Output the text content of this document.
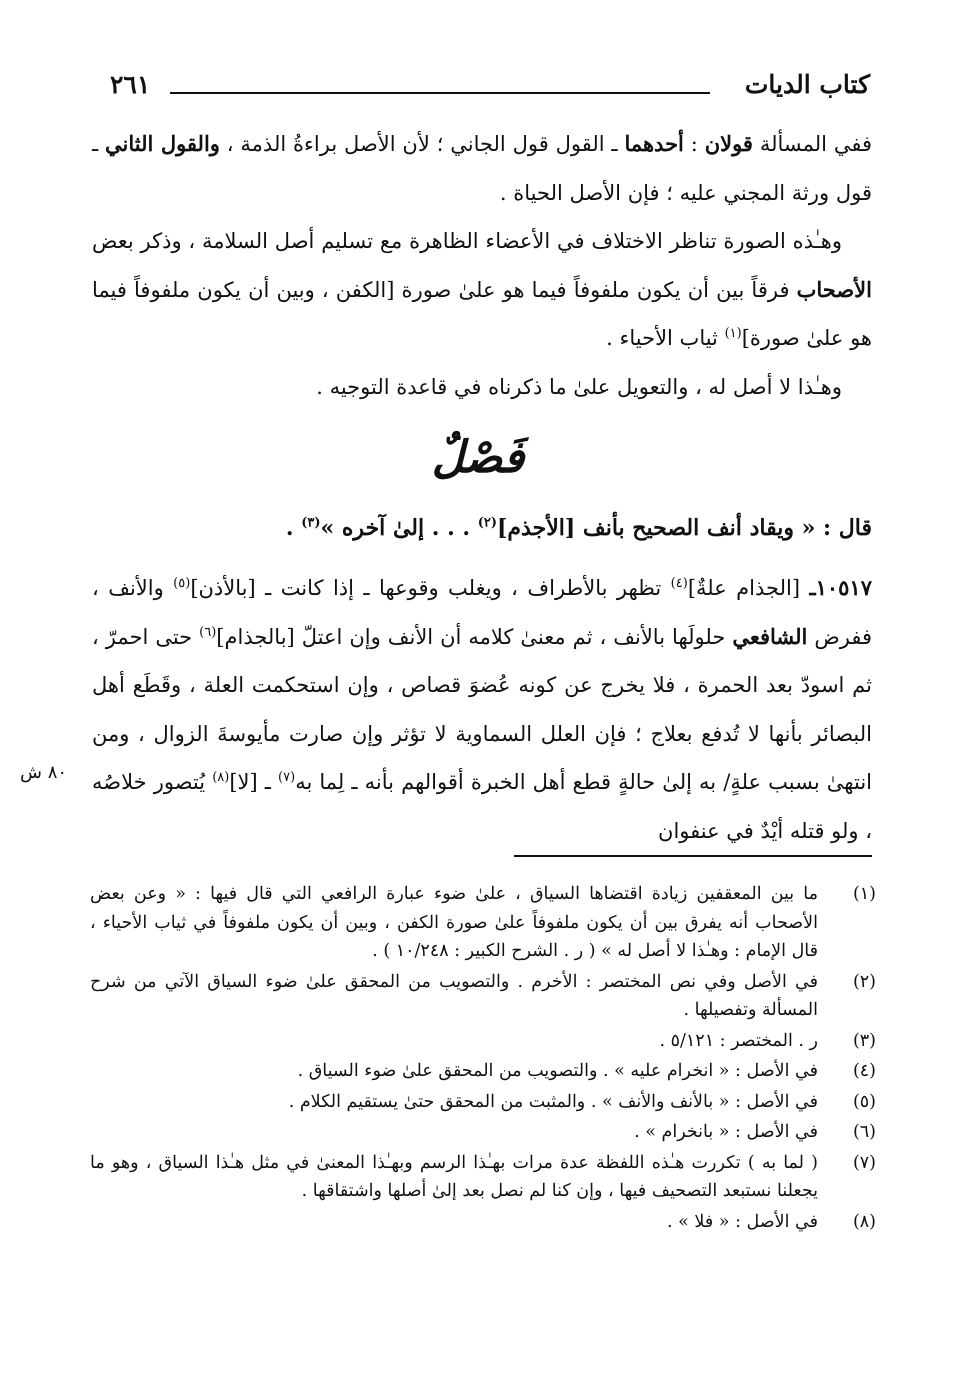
كتاب الديات
٢٦١

ففي المسألة قولان : أحدهما ـ القول قول الجاني ؛ لأن الأصل براءةُ الذمة ، والقول الثاني ـ قول ورثة المجني عليه ؛ فإن الأصل الحياة .

وهـٰذه الصورة تناظر الاختلاف في الأعضاء الظاهرة مع تسليم أصل السلامة ، وذكر بعض الأصحاب فرقاً بين أن يكون ملفوفاً فيما هو علىٰ صورة [الكفن ، وبين أن يكون ملفوفاً فيما هو علىٰ صورة]$^{(١)}$ ثياب الأحياء .

وهـٰذا لا أصل له ، والتعويل علىٰ ما ذكرناه في قاعدة التوجيه .

فَصْلٌ
قال : « ويقاد أنف الصحيح بأنف [الأجذم]$^{(٢)}$ . . . إلىٰ آخره »$^{(٣)}$ .

١٠٥١٧ـ [الجذام علةٌ]$^{(٤)}$ تظهر بالأطراف ، ويغلب وقوعها ـ إذا كانت ـ [بالأذن]$^{(٥)}$ والأنف ، ففرض الشافعي حلولَها بالأنف ، ثم معنىٰ كلامه أن الأنف وإن اعتلّ [بالجذام]$^{(٦)}$ حتى احمرّ ، ثم اسودّ بعد الحمرة ، فلا يخرج عن كونه عُضوَ قصاص ، وإن استحكمت العلة ، وقَطَع أهل البصائر بأنها لا تُدفع بعلاج ؛ فإن العلل السماوية لا تؤثر وإن صارت مأيوسةَ الزوال ، ومن انتهىٰ بسبب علةٍ/ به إلىٰ حالةٍ قطع أهل الخبرة أقوالهم بأنه ـ لِما به$^{(٧)}$ ـ [لا]$^{(٨)}$ يُتصور خلاصُه ، ولو قتله أيْدٌ في عنفوان

٨٠ ش
(١)
ما بين المعقفين زيادة اقتضاها السياق ، علىٰ ضوء عبارة الرافعي التي قال فيها : « وعن بعض الأصحاب أنه يفرق بين أن يكون ملفوفاً علىٰ صورة الكفن ، وبين أن يكون ملفوفاً في ثياب الأحياء ، قال الإمام : وهـٰذا لا أصل له » ( ر . الشرح الكبير : ١٠/٢٤٨ ) .
(٢)
في الأصل وفي نص المختصر : الأخرم . والتصويب من المحقق علىٰ ضوء السياق الآتي من شرح المسألة وتفصيلها .
(٣)
ر . المختصر : ٥/١٢١ .
(٤)
في الأصل : « انخرام عليه » . والتصويب من المحقق علىٰ ضوء السياق .
(٥)
في الأصل : « بالأنف والأنف » . والمثبت من المحقق حتىٰ يستقيم الكلام .
(٦)
في الأصل : « بانخرام » .
(٧)
( لما به ) تكررت هـٰذه اللفظة عدة مرات بهـٰذا الرسم وبهـٰذا المعنىٰ في مثل هـٰذا السياق ، وهو ما يجعلنا نستبعد التصحيف فيها ، وإن كنا لم نصل بعد إلىٰ أصلها واشتقاقها .
(٨)
في الأصل : « فلا » .
